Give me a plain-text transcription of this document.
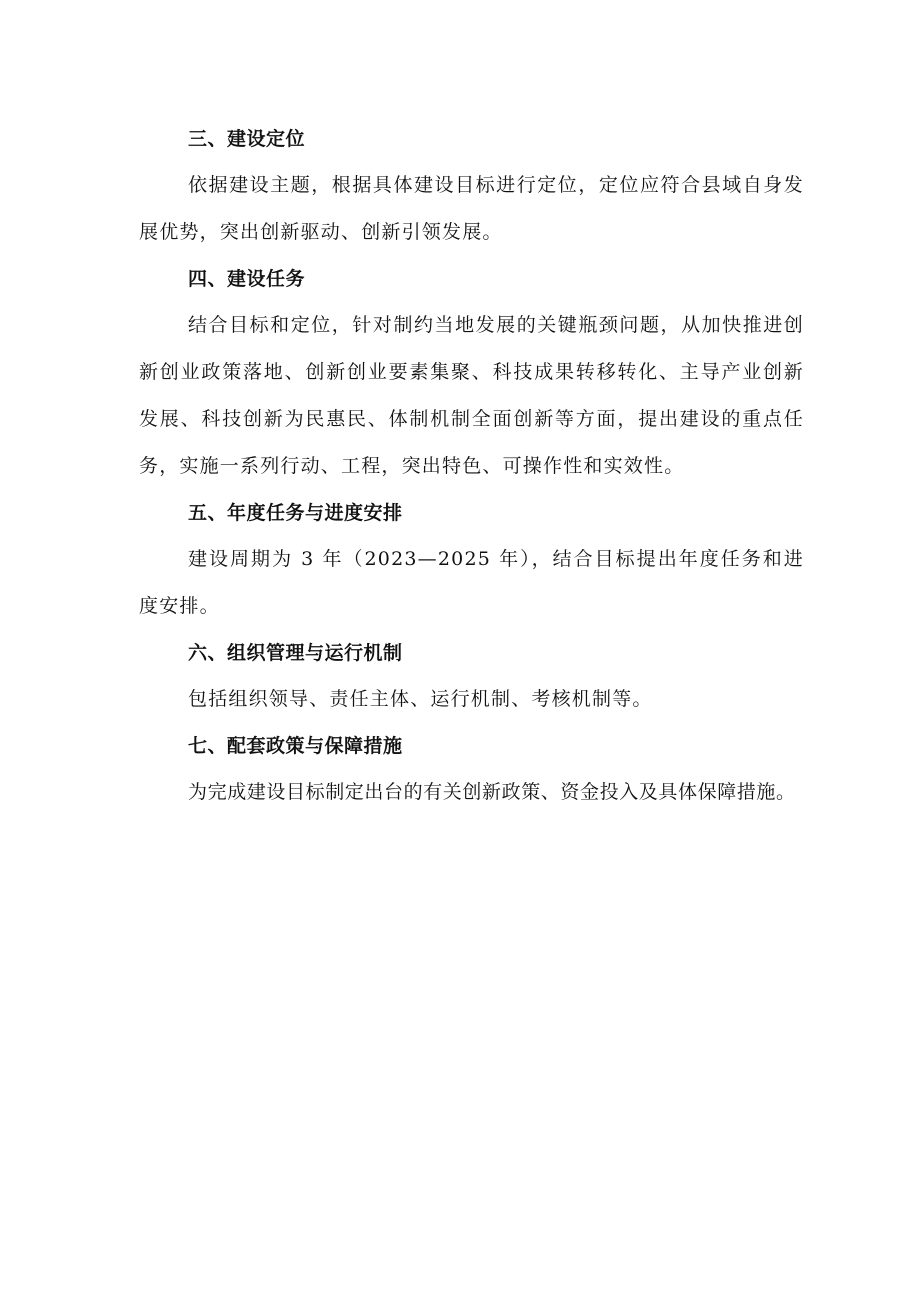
三、建设定位

依据建设主题，根据具体建设目标进行定位，定位应符合县域自身发展优势，突出创新驱动、创新引领发展。

四、建设任务

结合目标和定位，针对制约当地发展的关键瓶颈问题，从加快推进创新创业政策落地、创新创业要素集聚、科技成果转移转化、主导产业创新发展、科技创新为民惠民、体制机制全面创新等方面，提出建设的重点任务，实施一系列行动、工程，突出特色、可操作性和实效性。

五、年度任务与进度安排

建设周期为 3 年（2023—2025 年），结合目标提出年度任务和进度安排。

六、组织管理与运行机制

包括组织领导、责任主体、运行机制、考核机制等。

七、配套政策与保障措施

为完成建设目标制定出台的有关创新政策、资金投入及具体保障措施。
